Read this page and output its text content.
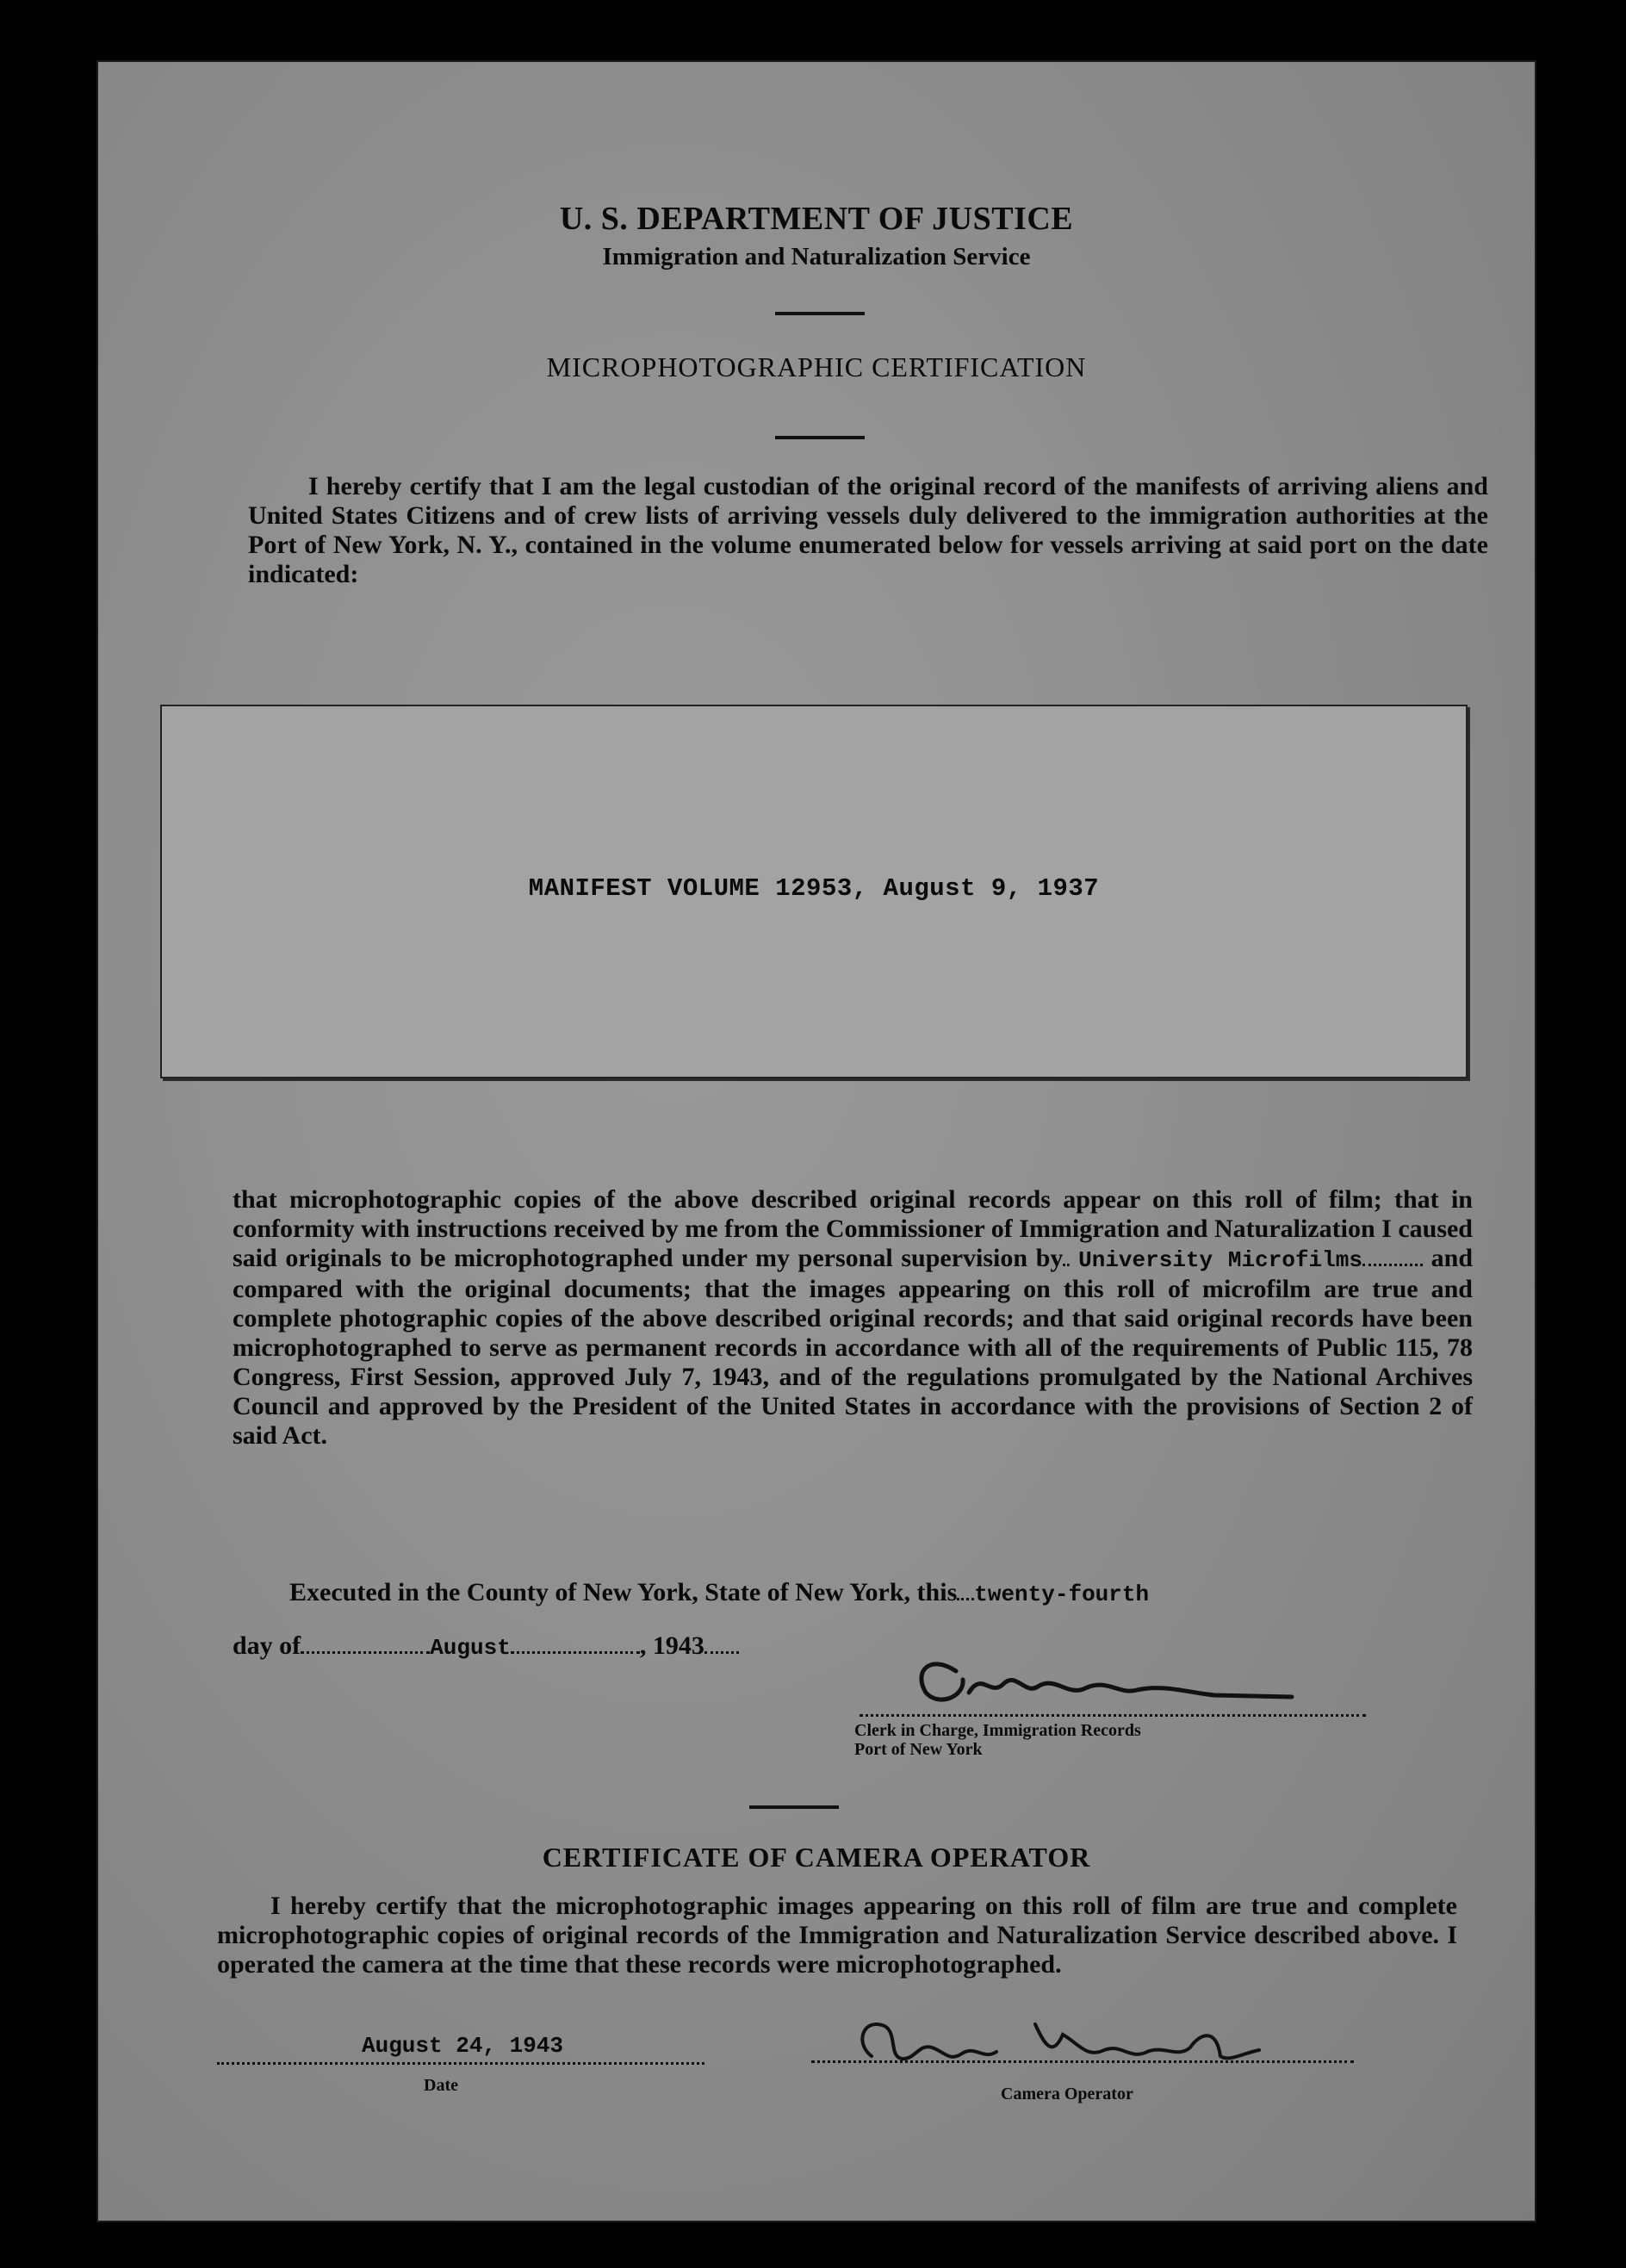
U. S. DEPARTMENT OF JUSTICE
Immigration and Naturalization Service
MICROPHOTOGRAPHIC CERTIFICATION
I hereby certify that I am the legal custodian of the original record of the manifests of arriving aliens and United States Citizens and of crew lists of arriving vessels duly delivered to the immigration authorities at the Port of New York, N. Y., contained in the volume enumerated below for vessels arriving at said port on the date indicated:
MANIFEST VOLUME 12953, August 9, 1937
that microphotographic copies of the above described original records appear on this roll of film; that in conformity with instructions received by me from the Commissioner of Immigration and Naturalization I caused said originals to be microphotographed under my personal supervision by University Microfilms	and compared with the original documents; that the images appearing on this roll of microfilm are true and complete photographic copies of the above described original records; and that said original records have been microphotographed to serve as permanent records in accordance with all of the requirements of Public 115, 78 Congress, First Session, approved July 7, 1943, and of the regulations promulgated by the National Archives Council and approved by the President of the United States in accordance with the provisions of Section 2 of said Act.
Executed in the County of New York, State of New York, this twenty-fourth
day of	August	, 1943
Clerk in Charge, Immigration Records
Port of New York
CERTIFICATE OF CAMERA OPERATOR
I hereby certify that the microphotographic images appearing on this roll of film are true and complete microphotographic copies of original records of the Immigration and Naturalization Service described above. I operated the camera at the time that these records were microphotographed.
August 24, 1943
Date	Camera Operator
